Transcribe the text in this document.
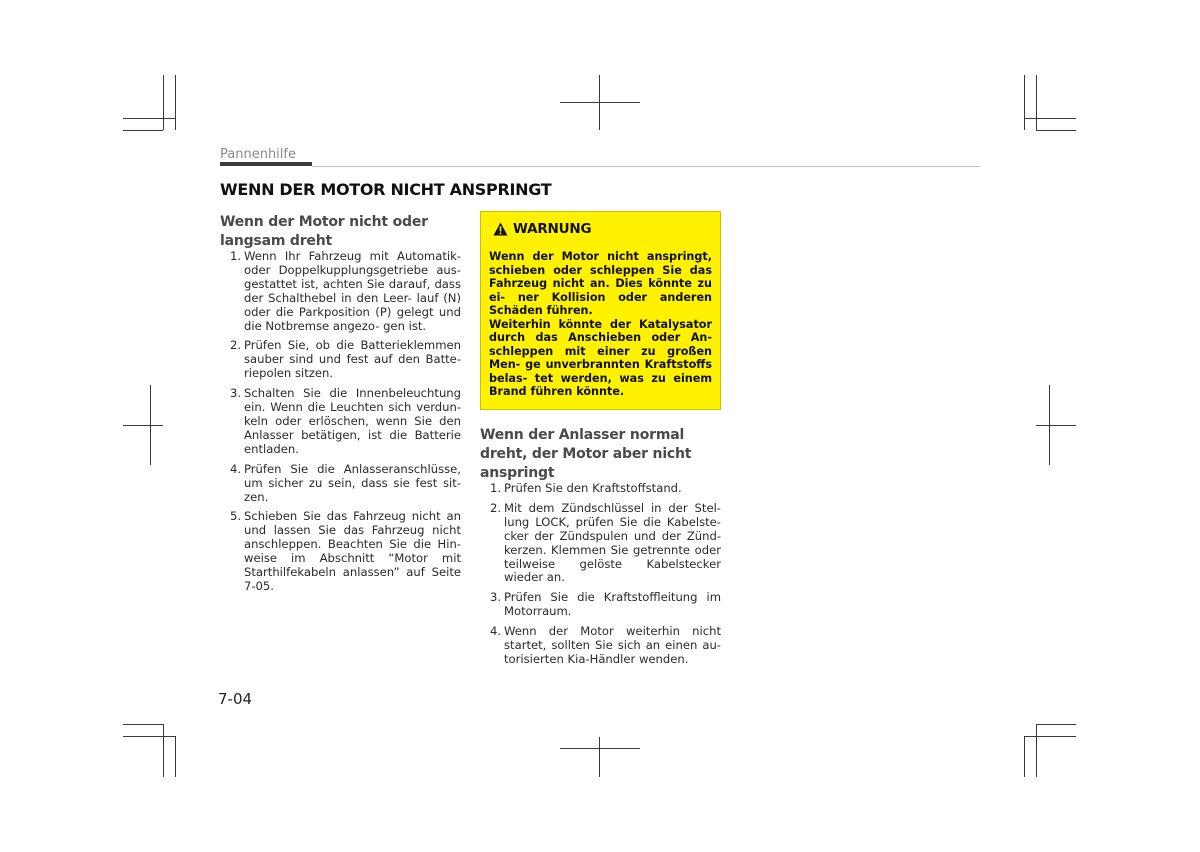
Pannenhilfe
WENN DER MOTOR NICHT ANSPRINGT
Wenn der Motor nicht oder langsam dreht
1. Wenn Ihr Fahrzeug mit Automatik- oder Doppelkupplungsgetriebe aus- gestattet ist, achten Sie darauf, dass der Schalthebel in den Leer- lauf (N) oder die Parkposition (P) gelegt und die Notbremse angezo- gen ist.
2. Prüfen Sie, ob die Batterieklemmen sauber sind und fest auf den Batte- riepolen sitzen.
3. Schalten Sie die Innenbeleuchtung ein. Wenn die Leuchten sich verdun- keln oder erlöschen, wenn Sie den Anlasser betätigen, ist die Batterie entladen.
4. Prüfen Sie die Anlasseranschlüsse, um sicher zu sein, dass sie fest sit- zen.
5. Schieben Sie das Fahrzeug nicht an und lassen Sie das Fahrzeug nicht anschleppen. Beachten Sie die Hin- weise im Abschnitt “Motor mit Starthilfekabeln anlassen” auf Seite 7-05.
WARNUNG

Wenn der Motor nicht anspringt, schieben oder schleppen Sie das Fahrzeug nicht an. Dies könnte zu ei- ner Kollision oder anderen Schäden führen.

Weiterhin könnte der Katalysator durch das Anschieben oder An- schleppen mit einer zu großen Men- ge unverbrannten Kraftstoffs belas- tet werden, was zu einem Brand führen könnte.

Wenn der Anlasser normal dreht, der Motor aber nicht anspringt
1. Prüfen Sie den Kraftstoffstand.
2. Mit dem Zündschlüssel in der Stel- lung LOCK, prüfen Sie die Kabelste- cker der Zündspulen und der Zünd- kerzen. Klemmen Sie getrennte oder teilweise gelöste Kabelstecker wieder an.
3. Prüfen Sie die Kraftstoffleitung im Motorraum.
4. Wenn der Motor weiterhin nicht startet, sollten Sie sich an einen au- torisierten Kia-Händler wenden.
7-04
